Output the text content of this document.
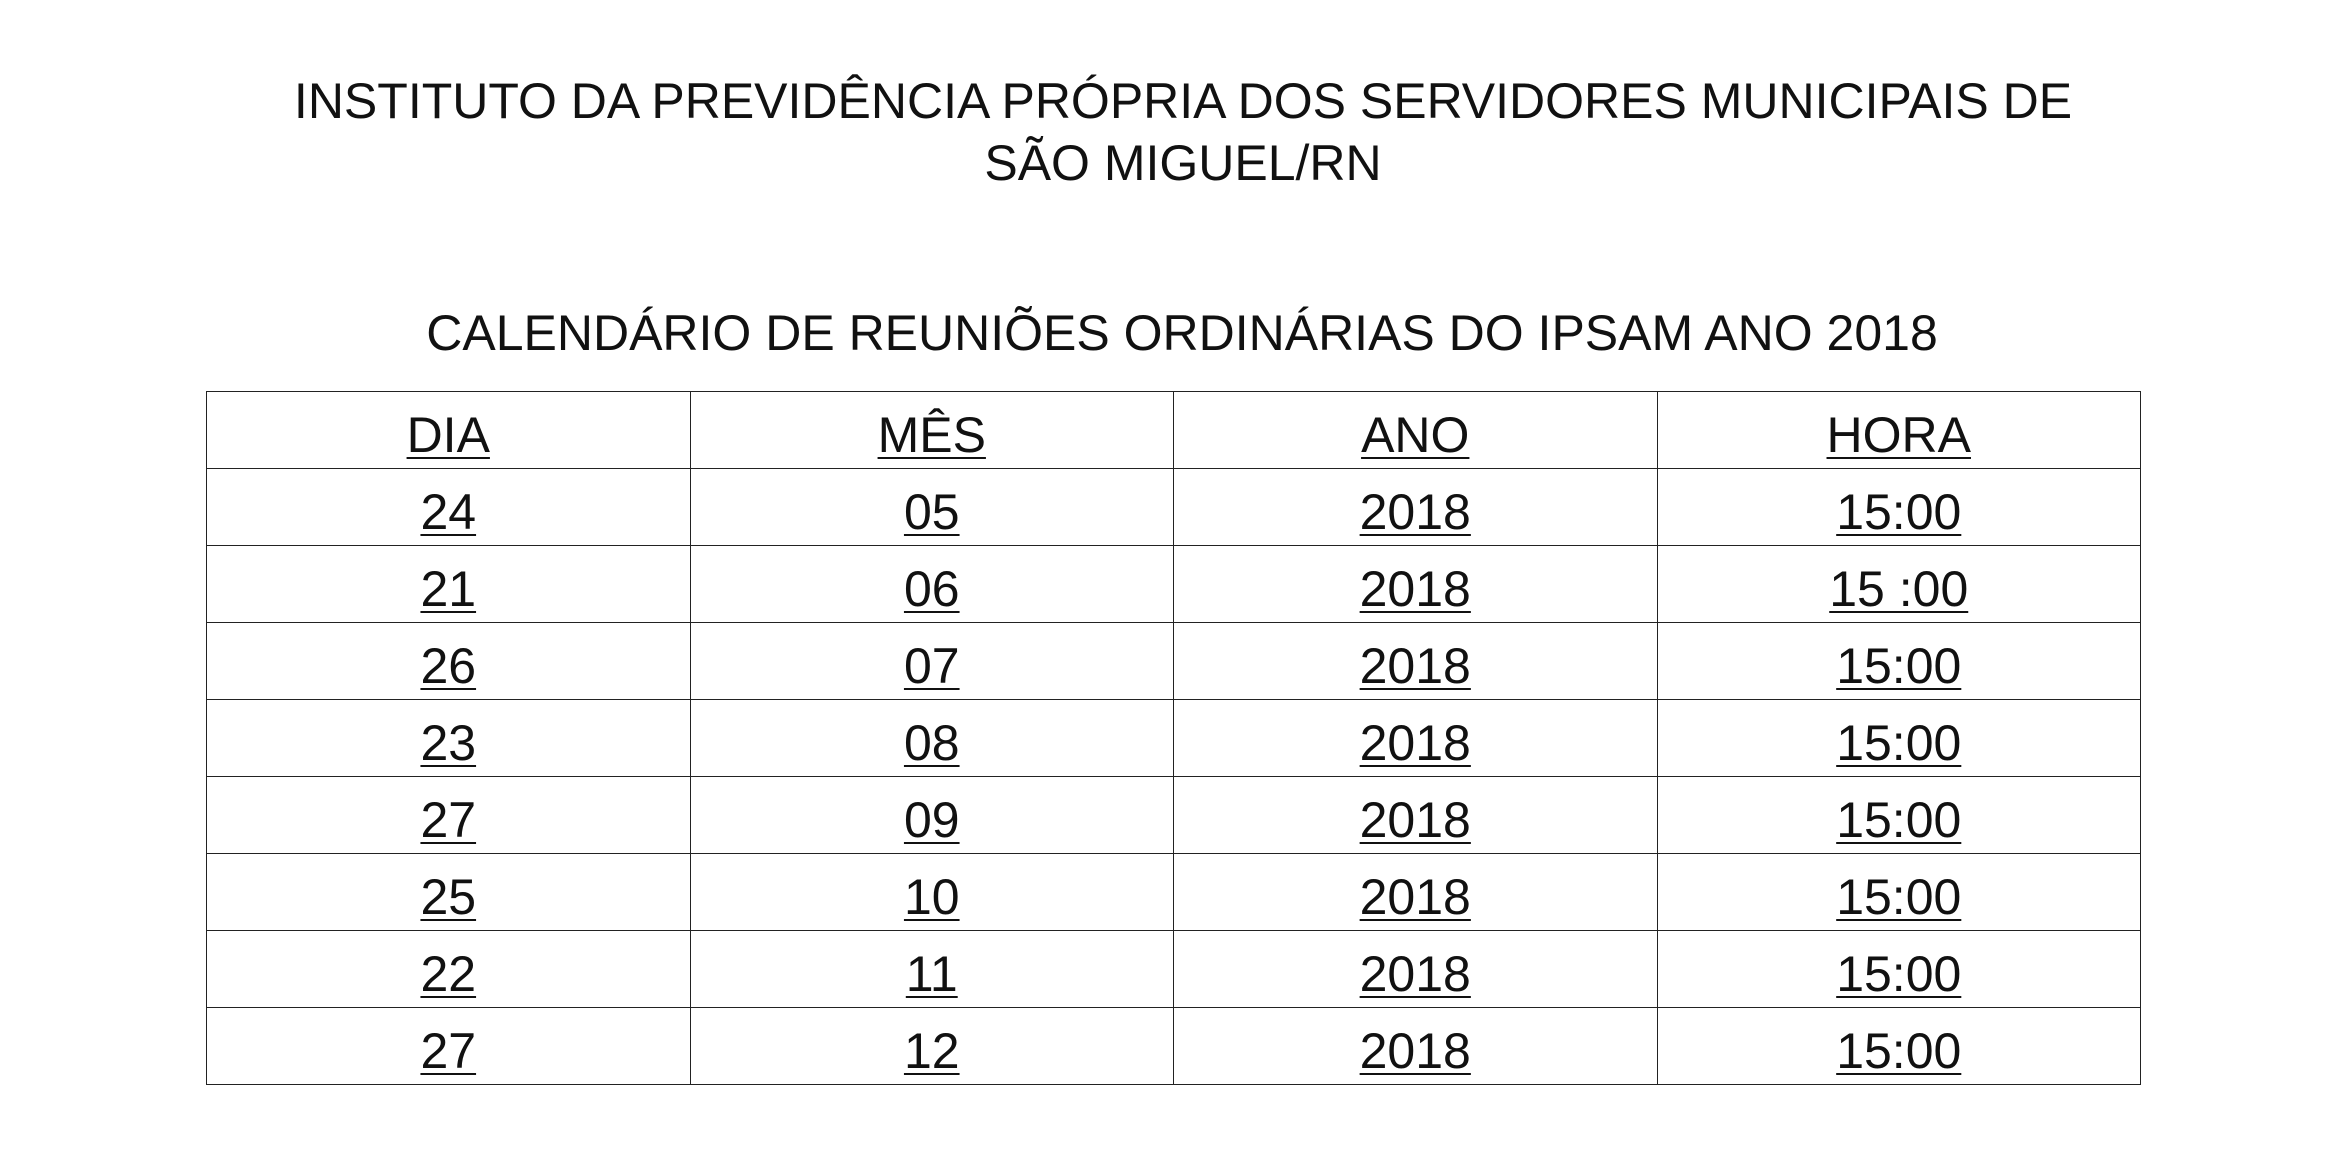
INSTITUTO DA PREVIDÊNCIA PRÓPRIA DOS SERVIDORES MUNICIPAIS DE
SÃO MIGUEL/RN
CALENDÁRIO DE REUNIÕES ORDINÁRIAS DO IPSAM ANO 2018
DIA	MÊS	ANO	HORA
24	05	2018	15:00
21	06	2018	15 :00
26	07	2018	15:00
23	08	2018	15:00
27	09	2018	15:00
25	10	2018	15:00
22	11	2018	15:00
27	12	2018	15:00
